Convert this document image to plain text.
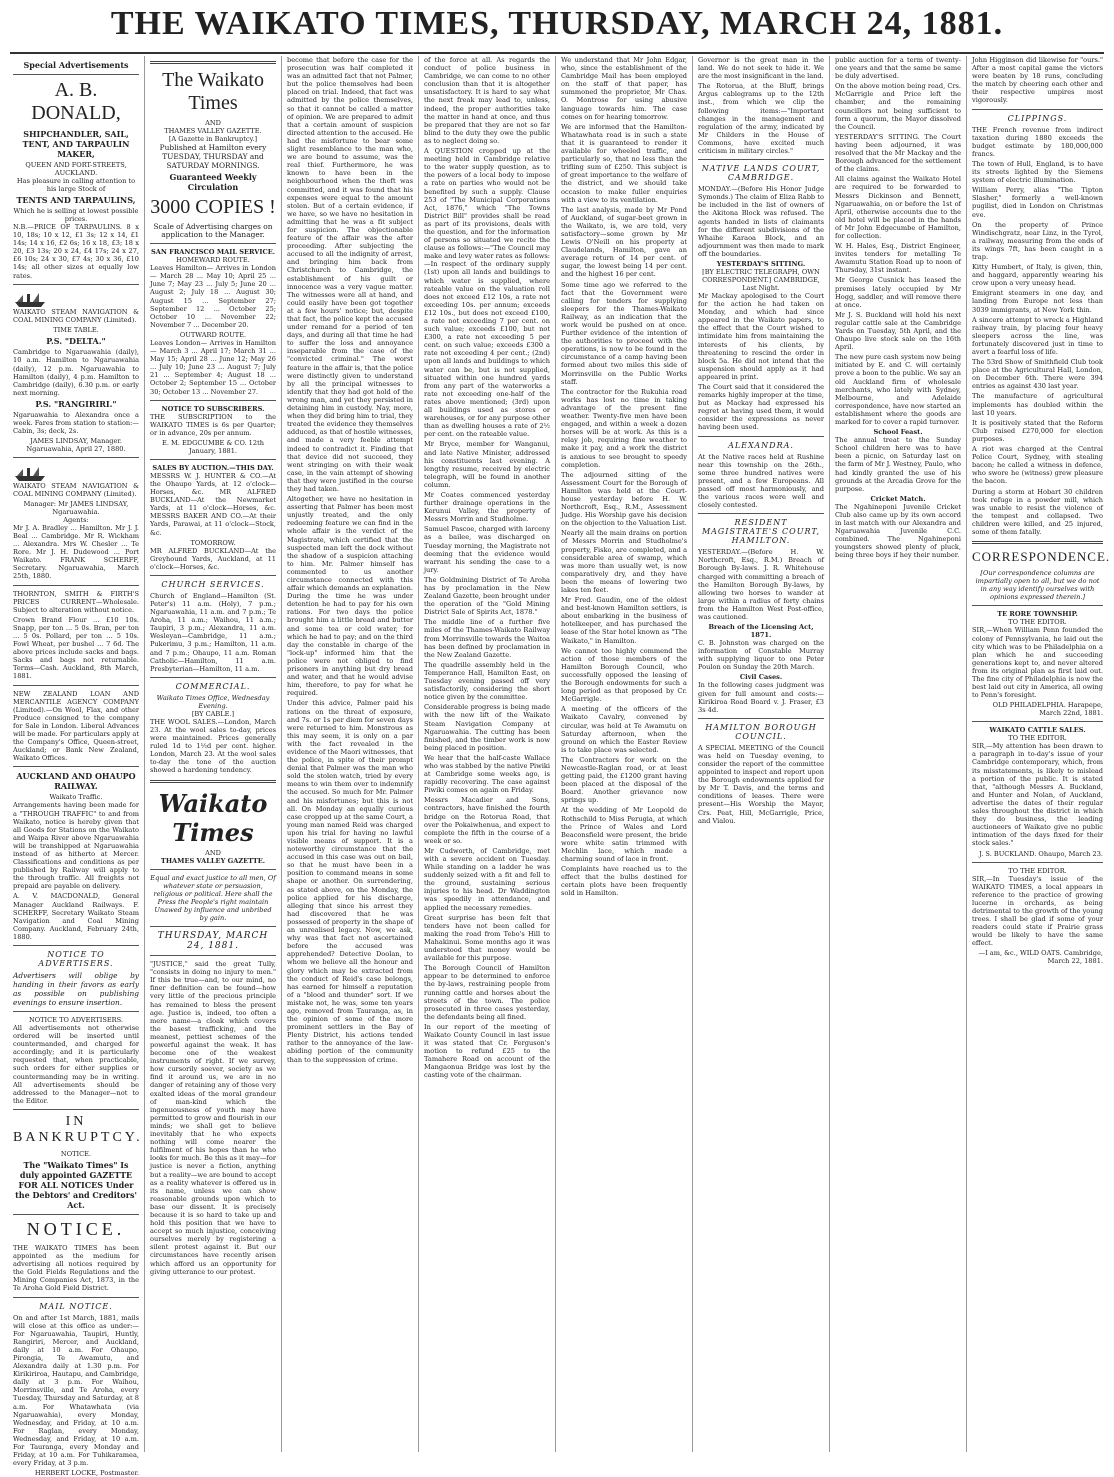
THE WAIKATO TIMES, THURSDAY, MARCH 24, 1881.

Special Advertisements

A. B. DONALD,

SHIPCHANDLER, SAIL, TENT, AND TARPAULIN MAKER,

QUEEN AND FORT-STREETS, AUCKLAND.

Has pleasure in calling attention to his large Stock of

TENTS AND TARPAULINS,

Which he is selling at lowest possible prices.

N.B.—PRICE OF TARPAULINS. 8 x 10, 18s; 10 x 12, £1 3s; 12 x 14, £1 14s; 14 x 16, £2 6s; 16 x 18, £3; 18 x 20, £3 13s; 20 x 24, £4 17s; 24 x 27, £6 10s; 24 x 30, £7 4s; 30 x 36, £10 14s; all other sizes at equally low rates.

WAIKATO STEAM NAVIGATION & COAL MINING COMPANY (Limited).

TIME TABLE.

P.S. "DELTA."

Cambridge to Ngaruawahia (daily), 10 a.m. Hamilton to Ngaruawahia (daily), 12 p.m. Ngaruawahia to Hamilton (daily), 4 p.m. Hamilton to Cambridge (daily), 6.30 p.m. or early next morning.

P.S. "RANGIRIRI."

Ngaruawahia to Alexandra once a week. Fares from station to station:—Cabin, 3s; deck, 2s.

JAMES LINDSAY, Manager. Ngaruawahia, April 27, 1880.

WAIKATO STEAM NAVIGATION & COAL MINING COMPANY (Limited).

Manager: Mr JAMES LINDSAY, Ngaruawahia.

Agents:

Mr J. A. Bradley ... Hamilton. Mr J. J. Beal ... Cambridge. Mr R. Wickham ... Alexandra. Mrs W. Chesler ... Te Rore. Mr J. H. Dudewood ... Port Waikato. FRANK SCHERFF, Secretary. Ngaruawahia, March 25th, 1880.

THORNTON, SMITH & FIRTH'S PRICES CURRENT—Wholesale. Subject to alteration without notice.

Crown Brand Flour ... £10 10s. Snapp, per ton ... 5 0s. Bran, per ton ... 5 0s. Pollard, per ton ... 5 10s. Fowl Wheat, per bushel ... 7 6d. The above prices include sacks and bags. Sacks and bags not returnable. Terms—Cash. Auckland, 8th March, 1881.

NEW ZEALAND LOAN AND MERCANTILE AGENCY COMPANY (Limited).—On Wool, Flax, and other Produce consigned to the company for Sale in London. Liberal Advances will be made. For particulars apply at the Company's Office, Queen-street, Auckland; or Bank New Zealand, Waikato Offices.

AUCKLAND AND OHAUPO RAILWAY.

Waikato Traffic.

Arrangements having been made for a "THROUGH TRAFFIC" to and from Waikato, notice is hereby given that all Goods for Stations on the Waikato and Waipa River above Ngaruawahia will be transhipped at Ngaruawahia instead of as hitherto at Mercer. Classifications and conditions as per published by Railway will apply to the through traffic. All freights not prepaid are payable on delivery.

A. V. MACDONALD, General Manager Auckland Railways. F. SCHERFF, Secretary Waikato Steam Navigation and Coal Mining Company. Auckland, February 24th, 1880.

NOTICE TO ADVERTISERS.

Advertisers will oblige by handing in their favors as early as possible on publishing evenings to ensure insertion.

NOTICE TO ADVERTISERS.

All advertisements not otherwise ordered will be inserted until countermanded, and charged for accordingly; and it is particularly requested that, when practicable, such orders for either supplies or countermanding may be in writing. All advertisements should be addressed to the Manager—not to the Editor.

IN BANKRUPTCY.

NOTICE.

The "Waikato Times" Is duly appointed GAZETTE FOR ALL NOTICES Under the Debtors' and Creditors' Act.

NOTICE.

THE WAIKATO TIMES has been appointed as the medium for advertising all notices required by the Gold Fields Regulations and the Mining Companies Act, 1873, in the Te Aroha Gold Field District.

MAIL NOTICE.

On and after 1st March, 1881, mails will close at this office as under:—For Ngaruawahia, Taupiri, Huntly, Rangiriri, Mercer, and Auckland, daily at 10 a.m. For Ohaupo, Pirongia, Te Awamutu, and Alexandra daily at 1.30 p.m. For Kirikiriroa, Hautapu, and Cambridge, daily at 3 p.m. For Waihou, Morrinsville, and Te Aroha, every Tuesday, Thursday and Saturday, at 8 a.m. For Whatawhata (via Ngaruawahia), every Monday, Wednesday, and Friday, at 10 a.m. For Raglan, every Monday, Wednesday, and Friday, at 10 a.m. For Tauranga, every Monday and Friday, at 10 a.m. For Tuhikaramea, every Friday, at 3 p.m.

HERBERT LOCKE, Postmaster.

The Waikato Times

AND

THAMES VALLEY GAZETTE.

[A Gazette in Bankruptcy.]

Published at Hamilton every TUESDAY, THURSDAY and SATURDAY MORNINGS.

Guaranteed Weekly Circulation

3000 COPIES !

Scale of Advertising charges on application to the Manager.

SAN FRANCISCO MAIL SERVICE.

HOMEWARD ROUTE.

Leaves Hamilton— Arrives in London— March 28 ... May 10; April 25 ... June 7; May 23 ... July 5; June 20 ... August 2; July 18 ... August 30; August 15 ... September 27; September 12 ... October 25; October 10 ... November 22; November 7 ... December 20.

OUTWARD ROUTE.

Leaves London— Arrives in Hamilton— March 3 ... April 17; March 31 ... May 15; April 28 ... June 12; May 26 ... July 10; June 23 ... August 7; July 21 ... September 4; August 18 ... October 2; September 15 ... October 30; October 13 ... November 27.

NOTICE TO SUBSCRIBERS.

THE SUBSCRIPTION to the WAIKATO TIMES is 6s per Quarter; or in advance, 20s per annum.

E. M. EDGCUMBE & CO. 12th January, 1881.

SALES BY AUCTION.—THIS DAY.

MESSRS W. J. HUNTER & CO.—At the Ohaupo Yards, at 12 o'clock—Horses, &c. MR ALFRED BUCKLAND—At the Newmarket Yards, at 11 o'clock—Horses, &c. MESSRS BAKER AND CO.—At their Yards, Parawai, at 11 o'clock—Stock, &c.

TOMORROW.

MR ALFRED BUCKLAND—At the Greyhound Yards, Auckland, at 11 o'clock—Horses, &c.

CHURCH SERVICES.

Church of England—Hamilton (St. Peter's) 11 a.m. (Holy), 7 p.m.; Ngaruawahia, 11 a.m. and 7 p.m.; Te Aroha, 11 a.m.; Waihou, 11 a.m.; Taupiri, 3 p.m.; Alexandra, 11 a.m. Wesleyan—Cambridge, 11 a.m.; Pukerimu, 3 p.m.; Hamilton, 11 a.m. and 7 p.m.; Ohaupo, 11 a.m. Roman Catholic—Hamilton, 11 a.m. Presbyterian—Hamilton, 11 a.m.

COMMERCIAL.

Waikato Times Office, Wednesday Evening.

[BY CABLE.]

THE WOOL SALES.—London, March 23. At the wool sales to-day, prices were maintained. Prices generally ruled 1d to 1½d per cent. higher. London, March 23. At the wool sales to-day the tone of the auction showed a hardening tendency.

Waikato Times

AND

THAMES VALLEY GAZETTE.

Equal and exact justice to all men, Of whatever state or persuasion, religious or political. Here shall the Press the People's right maintain Unawed by influence and unbribed by gain.

THURSDAY, MARCH 24, 1881.

"JUSTICE," said the great Tully, "consists in doing no injury to men." If this be true—and, to our mind, no finer definition can be found—how very little of the precious principle has remained to bless the present age. Justice is, indeed, too often a mere name—a cloak which covers the basest trafficking, and the meanest, pettiest schemes of the powerful against the weak. It has become one of the weakest instruments of right. If we survey, how cursorily soever, society as we find it around us, we are in no danger of retaining any of those very exalted ideas of the moral grandeur of man-kind which the ingenuousness of youth may have permitted to grow and flourish in our minds; we shall get to believe inevitably that he who expects nothing will come nearer the fulfilment of his hopes than he who looks for much. Be this as it may—for justice is never a fiction, anything but a reality—we are bound to accept as a reality whatever is offered us in its name, unless we can show reasonable grounds upon which to base our dissent. It is precisely because it is so hard to take up and hold this position that we have to accept so much injustice, conceiving ourselves merely by registering a silent protest against it. But our circumstances have recently arisen which afford us an opportunity for giving utterance to our protest.

become that before the case for the prosecution was half completed it was an admitted fact that not Palmer, but the police themselves had been placed on trial. Indeed, that fact was admitted by the police themselves, so that it cannot be called a matter of opinion. We are prepared to admit that a certain amount of suspicion directed attention to the accused. He had the misfortune to bear some slight resemblance to the man who, we are bound to assume, was the real thief. Furthermore, he was known to have been in the neighbourhood when the theft was committed, and it was found that his expenses were equal to the amount stolen. But of a certain evidence, if we have, so we have no hesitation in admitting that he was a fit subject for suspicion. The objectionable feature of the affair was the after proceeding. After subjecting the accused to all the indignity of arrest, and bringing him back from Christchurch to Cambridge, the establishment of his guilt or innocence was a very vague matter. The witnesses were all at hand, and could easily have been got together at a few hours' notice; but, despite that fact, the police kept the accused under remand for a period of ten days, and during all that time he had to suffer the loss and annoyance inseparable from the case of the "convicted criminal." The worst feature in the affair is, that the police were distinctly given to understand by all the principal witnesses to identify that they had got hold of the wrong man, and yet they persisted in detaining him in custody. Nay, more, when they did bring him to trial, they treated the evidence they themselves adduced, as that of hostile witnesses, and made a very feeble attempt indeed to contradict it. Finding that that device did not succeed, they went stringing on with their weak case, in the vain attempt of showing that they were justified in the course they had taken.

Altogether, we have no hesitation in asserting that Palmer has been most unjustly treated, and the only redeeming feature we can find in the whole affair is the verdict of the Magistrate, which certified that the suspected man left the dock without the shadow of a suspicion attaching to him. Mr. Palmer himself has commented to us another circumstance connected with this affair which demands an explanation. During the time he was under detention he had to pay for his own rations. For two days the police brought him a little bread and butter and some tea or cold water, for which he had to pay; and on the third day the constable in charge of the "lock-up" informed him that the police were not obliged to find prisoners in anything but dry bread and water, and that he would advise him, therefore, to pay for what he required.

Under this advice, Palmer paid his rations on the threat of exposure, and 7s. or 1s per diem for seven days were returned to him. Monstrous as this may seem, it is only on a par with the fact revealed in the evidence of the Maori witnesses, that the police, in spite of their prompt denial that Palmer was the man who sold the stolen watch, tried by every means to win them over to indemnify the accused. So much for Mr. Palmer and his misfortunes; but this is not all. On Monday an equally curious case cropped up at the same Court, a young man named Reid was charged upon his trial for having no lawful visible means of support. It is a noteworthy circumstance that the accused in this case was out on bail, so that he must have been in a position to command means in some shape or another. On surrendering, as stated above, on the Monday, the police applied for his discharge, alleging that since his arrest they had discovered that he was possessed of property in the shape of an unrealised legacy. Now, we ask, why was that fact not ascertained before the accused was apprehended? Detective Doolan, to whom we believe all the honour and glory which may be extracted from the conduct of Reid's case belongs, has earned for himself a reputation of a "blood and thunder" sort. If we mistake not, he was, some ten years ago, removed from Tauranga, as, in the opinion of some of the more prominent settlers in the Bay of Plenty District, his actions tended rather to the annoyance of the law-abiding portion of the community than to the suppression of crime.

of the force at all. As regards the conduct of police business in Cambridge, we can come to no other conclusion than that it is altogether unsatisfactory. It is hard to say what the next freak may lead to, unless, indeed, the proper authorities take the matter in hand at once, and thus be prepared that they are not so far blind to the duty they owe the public as to neglect doing so.

A QUESTION cropped up at the meeting held in Cambridge relative to the water supply question, as to the powers of a local body to impose a rate on parties who would not be benefited by such a supply. Clause 253 of "The Municipal Corporations Act, 1876," which "The Towns District Bill" provides shall be read as part of its provisions, deals with the question, and for the information of persons so situated we recite the clause as follows:—"The Council may make and levy water rates as follows:—In respect of the ordinary supply (1st) upon all lands and buildings to which water is supplied, where rateable value on the valuation roll does not exceed £12 10s, a rate not exceeding 10s. per annum; exceeds £12 10s., but does not exceed £100, a rate not exceeding 7 per cent. on such value; exceeds £100, but not £300, a rate not exceeding 5 per cent. on such value; exceeds £300 a rate not exceeding 4 per cent.; (2nd) upon all lands and buildings to which water can be, but is not supplied, situated within one hundred yards from any part of the waterworks a rate not exceeding one-half of the rates above mentioned; (3rd) upon all buildings used as stores or warehouses, or for any purpose other than as dwelling houses a rate of 2½ per cent. on the rateable value.

Mr Bryce, member for Wanganui, and late Native Minister, addressed his constituents last evening. A lengthy resume, received by electric telegraph, will be found in another column.

Mr Coates commenced yesterday further drainage operations in the Kerunui Valley, the property of Messrs Morrin and Studholme.

Samuel Pascoe, charged with larceny as a bailee, was discharged on Tuesday morning, the Magistrate not deeming that the evidence would warrant his sending the case to a jury.

The Goldmining District of Te Aroha has by proclamation in the New Zealand Gazette, been brought under the operation of the "Gold Mining District Sale of Spirits Act, 1878."

The middle line of a further five miles of the Thames-Waikato Railway from Morrinsville towards the Waitoa has been defined by proclamation in the New Zealand Gazette.

The quadrille assembly held in the Temperance Hall, Hamilton East, on Tuesday evening passed off very satisfactorily, considering the short notice given by the committee.

Considerable progress is being made with the new lift of the Waikato Steam Navigation Company at Ngaruawahia. The cutting has been finished, and the timber work is now being placed in position.

We hear that the half-caste Wallace who was stabbed by the native Piwiki at Cambridge some weeks ago, is rapidly recovering. The case against Piwiki comes on again on Friday.

Messrs Macadier and Sons, contractors, have finished the fourth bridge on the Rotorua Road, that over the Pokaiwhenua, and expect to complete the fifth in the course of a week or so.

Mr Cudworth, of Cambridge, met with a severe accident on Tuesday. While standing on a ladder he was suddenly seized with a fit and fell to the ground, sustaining serious injuries to his head. Dr Waddington was speedily in attendance, and applied the necessary remedies.

Great surprise has been felt that tenders have not been called for making the road from Tebo's Hill to Mahakinui. Some months ago it was understood that money would be available for this purpose.

The Borough Council of Hamilton appear to be determined to enforce the by-laws, restraining people from running cattle and horses about the streets of the town. The police prosecuted in three cases yesterday, the defendants being all fined.

In our report of the meeting of Waikato County Council in last issue it was stated that Cr. Ferguson's motion to refund £25 to the Tamahere Road on account of the Mangaonua Bridge was lost by the casting vote of the chairman.

We understand that Mr John Edgar, who, since the establishment of the Cambridge Mail has been employed on the staff of that paper, has summoned the proprietor, Mr Chas. O. Montrose for using abusive language towards him. The case comes on for hearing tomorrow.

We are informed that the Hamilton-Whatawhata road is in such a state that it is guaranteed to render it available for wheeled traffic, and particularly so, that no less than the trifling sum of £250. This subject is of great importance to the welfare of the district, and we should take occasion to make fuller enquiries with a view to its ventilation.

The last analysis, made by Mr Pond of Auckland, of sugar-beet grown in the Waikato, is, we are told, very satisfactory—some grown by Mr Lewis O'Neill on his property at Claudelands, Hamilton, gave an average return of 14 per cent. of sugar, the lowest being 14 per cent. and the highest 16 per cent.

Some time ago we referred to the fact that the Government were calling for tenders for supplying sleepers for the Thames-Waikato Railway, as an indication that the work would be pushed on at once. Further evidence of the intention of the authorities to proceed with the operations, is now to be found in the circumstance of a camp having been formed about two miles this side of Morrinsville on the Public Works staff.

The contractor for the Rukuhia road works has lost no time in taking advantage of the present fine weather. Twenty-five men have been engaged, and within a week a dozen horses will be at work. As this is a relay job, requiring fine weather to make it pay, and a work the district is anxious to see brought to speedy completion.

The adjourned sitting of the Assessment Court for the Borough of Hamilton was held at the Court-house yesterday before H. W. Northcroft, Esq., R.M., Assessment Judge. His Worship gave his decision on the objection to the Valuation List.

Nearly all the main drains on portion of Messrs Morrin and Studholme's property, Fisko, are completed, and a considerable area of swamp, which was more than usually wet, is now comparatively dry, and they have been the means of lowering two lakes ten feet.

Mr Fred. Gaudin, one of the oldest and best-known Hamilton settlers, is about embarking in the business of hotelkeeper, and has purchased the lease of the Star hotel known as "The Waikato," in Hamilton.

We cannot too highly commend the action of those members of the Hamilton Borough Council, who successfully opposed the leasing of the Borough endowments for such a long period as that proposed by Cr. McGarrigle.

A meeting of the officers of the Waikato Cavalry, convened by circular, was held at Te Awamutu on Saturday afternoon, when the ground on which the Easter Review is to take place was selected.

The Contractors for work on the Newcastle-Raglan road, or at least getting paid, the £1200 grant having been placed at the disposal of the Board. Another grievance now springs up.

At the wedding of Mr Leopold de Rothschild to Miss Perugia, at which the Prince of Wales and Lord Beaconsfield were present, the bride wore white satin trimmed with Mechlin lace, which made a charming sound of lace in front.

Complaints have reached us to the effect that the bulbs destined for certain plots have been frequently sold in Hamilton.

Governor is the great man in the land. We do not seek to hide it. We are the most insignificant in the land.

The Rotorua, at the Bluff, brings Argus cablegrams up to the 12th inst., from which we clip the following items:—"Important changes in the management and regulation of the army, indicated by Mr Childers in the House of Commons, have excited much criticism in military circles."

NATIVE LANDS COURT, CAMBRIDGE.

MONDAY.—(Before His Honor Judge Symonds.) The claim of Eliza Rabb to be included in the list of owners of the Akitona Block was refused. The agents handed in lists of claimants for the different subdivisions of the Whaihe Karaoa Block, and an adjournment was then made to mark off the boundaries.

YESTERDAY'S SITTING.

[BY ELECTRIC TELEGRAPH, OWN CORRESPONDENT.] CAMBRIDGE, Last Night.

Mr Mackay apologised to the Court for the action he had taken on Monday, and which had since appeared in the Waikato papers, to the effect that the Court wished to intimidate him from maintaining the interests of his clients, by threatening to rescind the order in block 5a. He did not intend that the suspension should apply as it had appeared in print.

The Court said that it considered the remarks highly improper at the time, but as Mackay had expressed his regret at having used them, it would consider the expressions as never having been used.

ALEXANDRA.

At the Native races held at Rushine near this township on the 26th., some three hundred natives were present, and a few Europeans. All passed off most harmoniously, and the various races were well and closely contested.

RESIDENT MAGISTRATE'S COURT, HAMILTON.

YESTERDAY.—(Before H. W. Northcroft, Esq., R.M.) Breach of Borough By-laws. J. R. Whitehouse charged with committing a breach of the Hamilton Borough By-laws, by allowing two horses to wander at large within a radius of forty chains from the Hamilton West Post-office, was cautioned.

Breach of the Licensing Act, 1871.

C. B. Johnston was charged on the information of Constable Murray with supplying liquor to one Peter Poulon on Sunday the 20th March.

Civil Cases.

In the following cases judgment was given for full amount and costs:—Kirikiroa Road Board v. J. Fraser, £3 3s 4d.

HAMILTON BOROUGH COUNCIL.

A SPECIAL MEETING of the Council was held on Tuesday evening, to consider the report of the committee appointed to inspect and report upon the Borough endowments applied for by Mr T. Davis, and the terms and conditions of leases. There were present—His Worship the Mayor, Crs. Peat, Hill, McGarrigle, Price, and Vialou.

public auction for a term of twenty-one years and that the same be same be duly advertised.

On the above motion being read, Crs. McGarrigle and Price left the chamber, and the remaining councillors not being sufficient to form a quorum, the Mayor dissolved the Council.

YESTERDAY'S SITTING. The Court having been adjourned, it was resolved that the Mr Mackay and the Borough advanced for the settlement of the claims.

All claims against the Waikato Hotel are required to be forwarded to Messrs Dickinson and Bennett, Ngaruawahia, on or before the 1st of April, otherwise accounts due to the old hotel will be placed in the hands of Mr John Edgecumbe of Hamilton, for collection.

W. H. Hales, Esq., District Engineer, invites tenders for metalling Te Awamutu Station Road up to noon of Thursday, 31st instant.

Mr George Cusnick has leased the premises lately occupied by Mr Hogg, saddler, and will remove there at once.

Mr J. S. Buckland will hold his next regular cattle sale at the Cambridge Yards on Tuesday, 5th April, and the Ohaupo live stock sale on the 16th April.

The new pure cash system now being initiated by E. and C. will certainly prove a boon to the public. We say an old Auckland firm of wholesale merchants, who lately with Sydney, Melbourne, and Adelaide correspondence, have now started an establishment where the goods are marked for to cover a rapid turnover.

School Feast.

The annual treat to the Sunday School children here was to have been a picnic, on Saturday last on the farm of Mr J. Westney, Paulo, who had kindly granted the use of his grounds at the Arcadia Grove for the purpose.

Cricket Match.

The Ngahineponi Juvenile Cricket Club also came up by its own accord in last match with our Alexandra and Ngaruawahia Juvenile C.C. combined. The Ngahineponi youngsters showed plenty of pluck, being three boys if hey their number.

John Higginson did likewise for "ours." After a most capital game the victors were beaten by 18 runs, concluding the match by cheering each other and their respective umpires most vigorously.

CLIPPINGS.

THE French revenue from indirect taxation during 1880 exceeds the budget estimate by 180,000,000 francs.

The town of Hull, England, is to have its streets lighted by the Siemens system of electric illumination.

William Perry, alias "The Tipton Slasher," formerly a well-known pugilist, died in London on Christmas eve.

On the property of Prince Windischgratz, near Linz, in the Tyrol, a railway, measuring from the ends of its wings 7ft, has been caught in a trap.

Kitty Humbert, of Italy, is given, thin, and haggard, apparently wearing his crow upon a very uneasy head.

Emigrant steamers in one day, and landing from Europe not less than 3039 immigrants, at New York thin.

A sincere attempt to wreck a Highland railway train, by placing four heavy sleepers across the line, was fortunately discovered just in time to avert a fearful loss of life.

The 53rd Show of Smithfield Club took place at the Agricultural Hall, London, on December 6th. There were 394 entries as against 430 last year.

The manufacture of agricultural implements has doubled within the last 10 years.

It is positively stated that the Reform Club raised £270,000 for election purposes.

A riot was charged at the Central Police Court, Sydney, with stealing bacon; he called a witness in defence, who swore he (witness) grew pleasure the bacon.

During a storm at Hobart 30 children took refuge in a powder mill, which was unable to resist the violence of the tempest and collapsed. Two children were killed, and 25 injured, some of them fatally.

CORRESPONDENCE.

[Our correspondence columns are impartially open to all, but we do not in any way identify ourselves with opinions expressed therein.]

TE RORE TOWNSHIP.

TO THE EDITOR.

SIR,—When William Penn founded the colony of Pennsylvania, he laid out the city which was to be Philadelphia on a plan which he and succeeding generations kept to, and never altered from its original plan as first laid out. The fine city of Philadelphia is now the best laid out city in America, all owing to Penn's foresight.

OLD PHILADELPHIA. Harapepe, March 22nd, 1881.

WAIKATO CATTLE SALES.

TO THE EDITOR.

SIR,—My attention has been drawn to a paragraph in to-day's issue of your Cambridge contemporary, which, from its misstatements, is likely to mislead a portion of the public. It is stated that, "although Messrs A. Buckland, and Hunter and Nolan, of Auckland, advertise the dates of their regular sales throughout the district in which they do business, the leading auctioneers of Waikato give no public intimation of the days fixed for their stock sales."

J. S. BUCKLAND. Ohaupo, March 23.

TO THE EDITOR.

SIR,—In Tuesday's issue of the WAIKATO TIMES, a local appears in reference to the practice of growing lucerne in orchards, as being detrimental to the growth of the young trees. I shall be glad if some of your readers could state if Prairie grass would be likely to have the same effect.

—I am, &c., WILD OATS. Cambridge, March 22, 1881.
